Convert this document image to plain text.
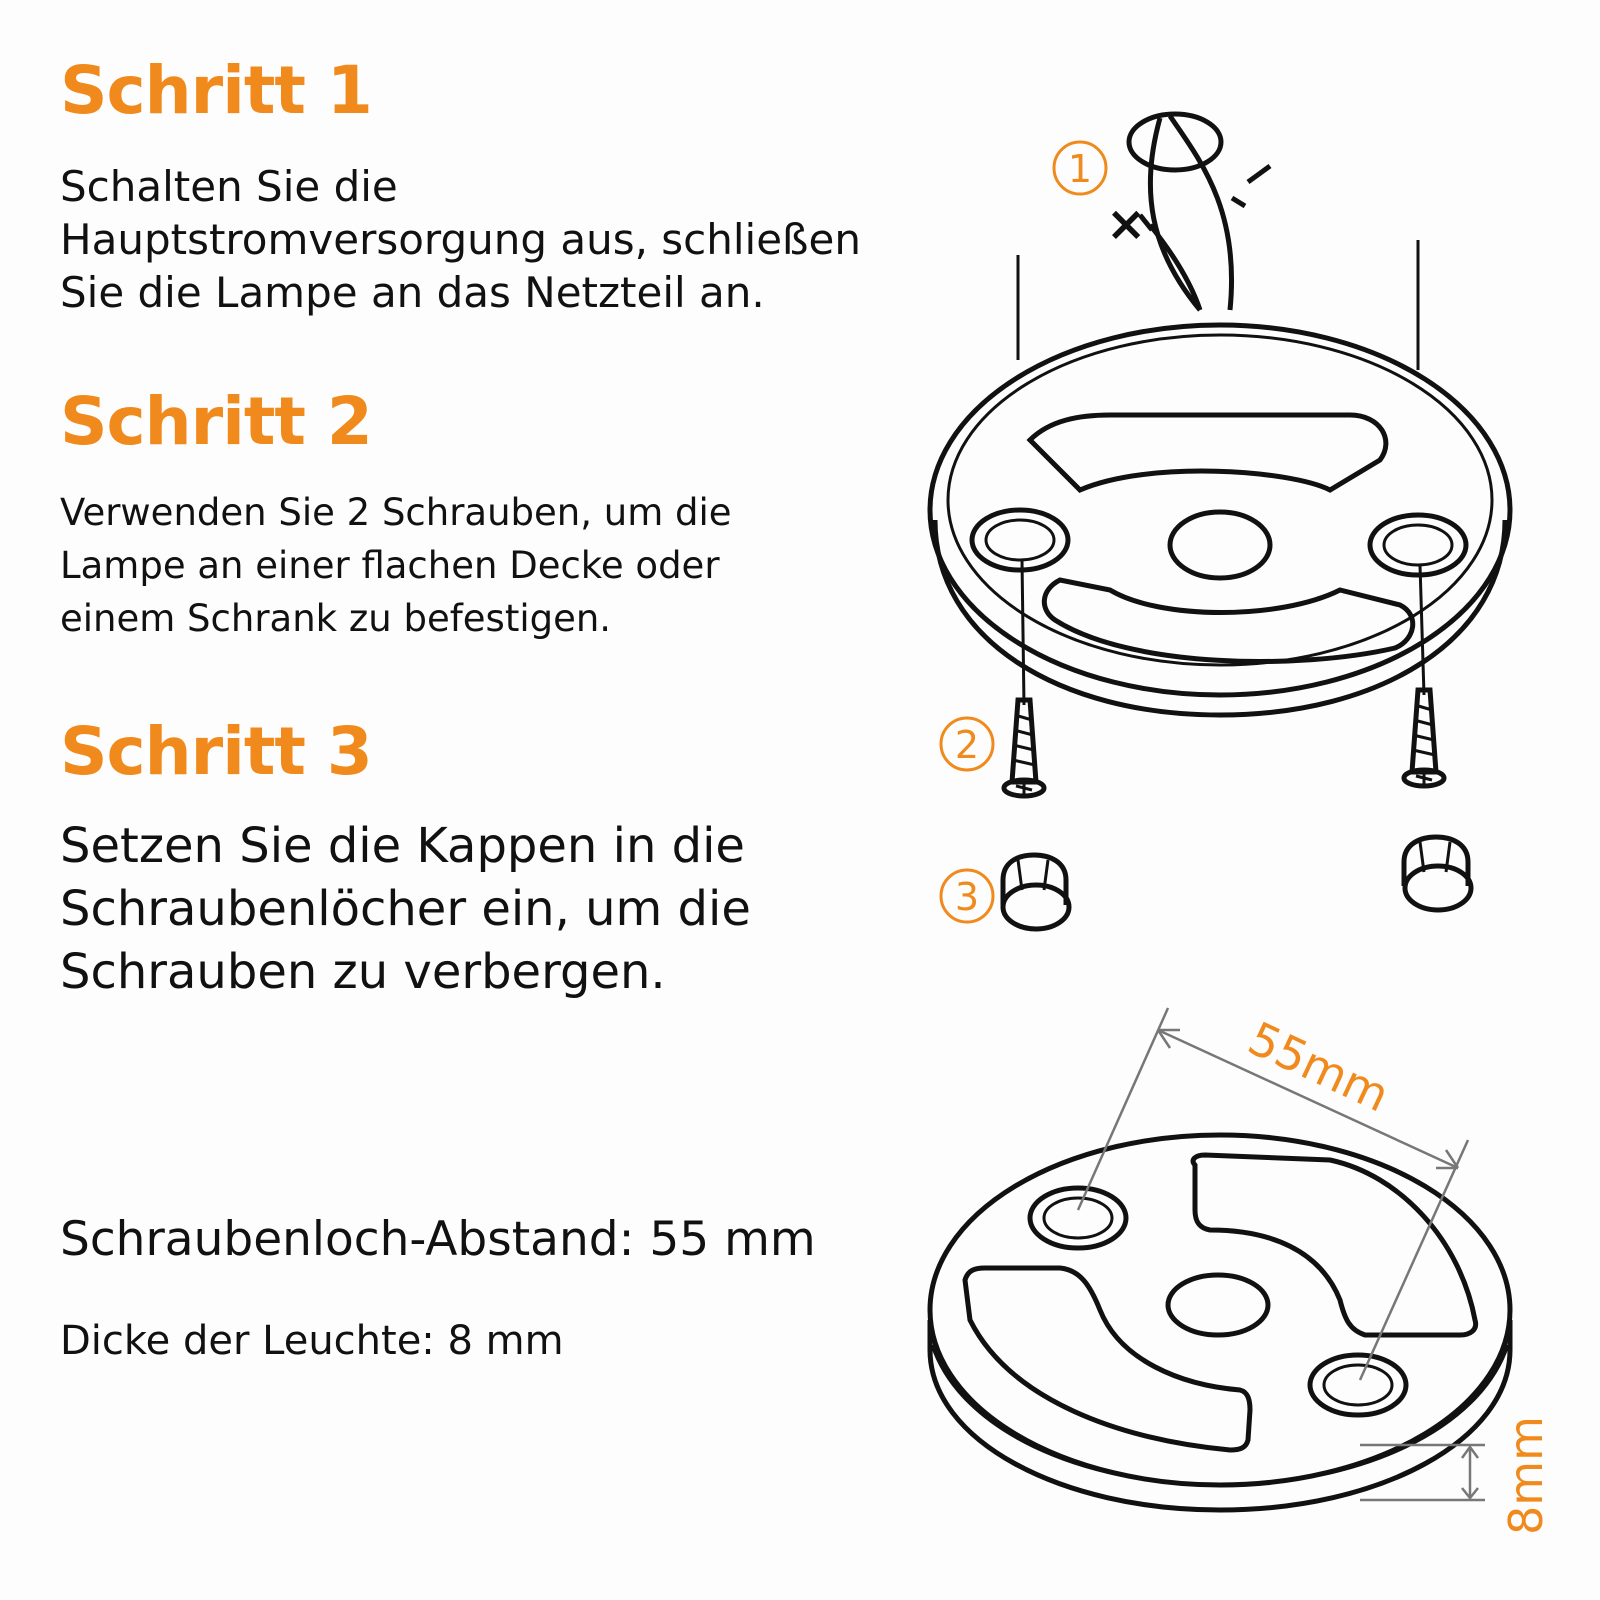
Schritt 1

Schalten Sie die
Hauptstromversorgung aus, schließen
Sie die Lampe an das Netzteil an.

Schritt 2

Verwenden Sie 2 Schrauben, um die
Lampe an einer flachen Decke oder
einem Schrank zu befestigen.

Schritt 3

Setzen Sie die Kappen in die
Schraubenlöcher ein, um die
Schrauben zu verbergen.

Schraubenloch-Abstand: 55 mm
Dicke der Leuchte: 8 mm
×
55mm
8mm
1
2
3
